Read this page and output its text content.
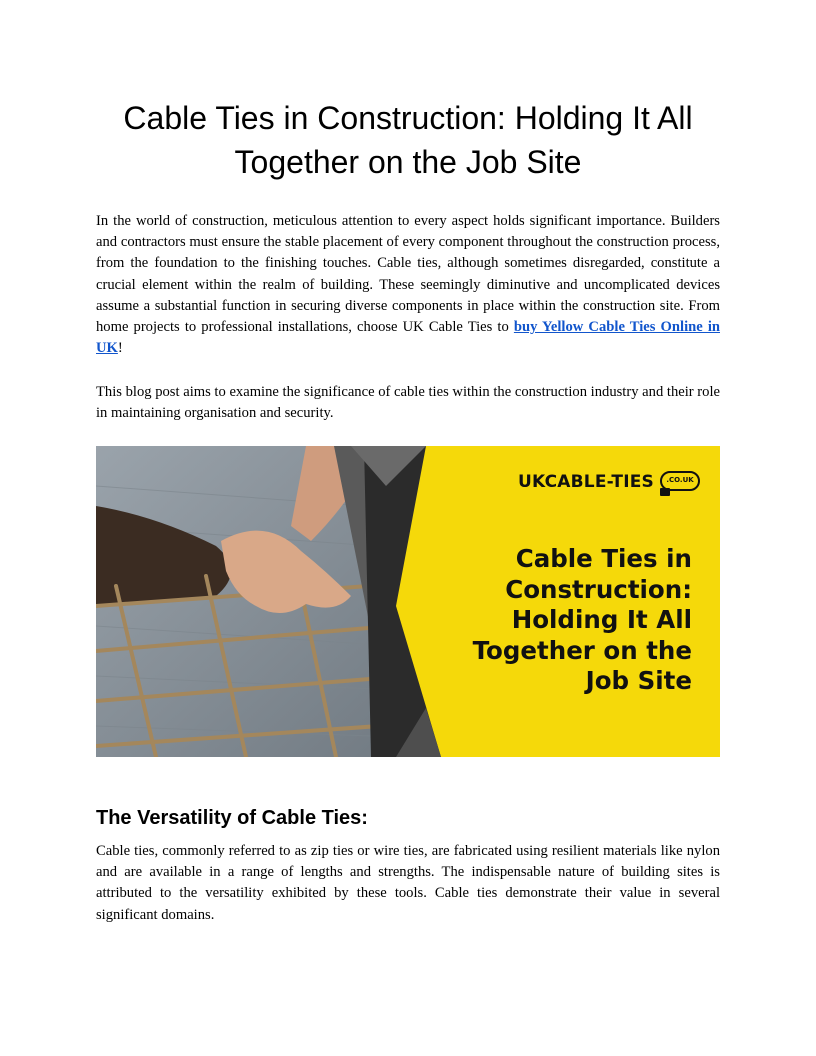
Cable Ties in Construction: Holding It All Together on the Job Site

In the world of construction, meticulous attention to every aspect holds significant importance. Builders and contractors must ensure the stable placement of every component throughout the construction process, from the foundation to the finishing touches. Cable ties, although sometimes disregarded, constitute a crucial element within the realm of building. These seemingly diminutive and uncomplicated devices assume a substantial function in securing diverse components in place within the construction site. From home projects to professional installations, choose UK Cable Ties to buy Yellow Cable Ties Online in UK!

This blog post aims to examine the significance of cable ties within the construction industry and their role in maintaining organisation and security.

UKCABLE-TIES	.CO.UK
Cable Ties in Construction: Holding It All Together on the Job Site
The Versatility of Cable Ties:

Cable ties, commonly referred to as zip ties or wire ties, are fabricated using resilient materials like nylon and are available in a range of lengths and strengths. The indispensable nature of building sites is attributed to the versatility exhibited by these tools. Cable ties demonstrate their value in several significant domains.
